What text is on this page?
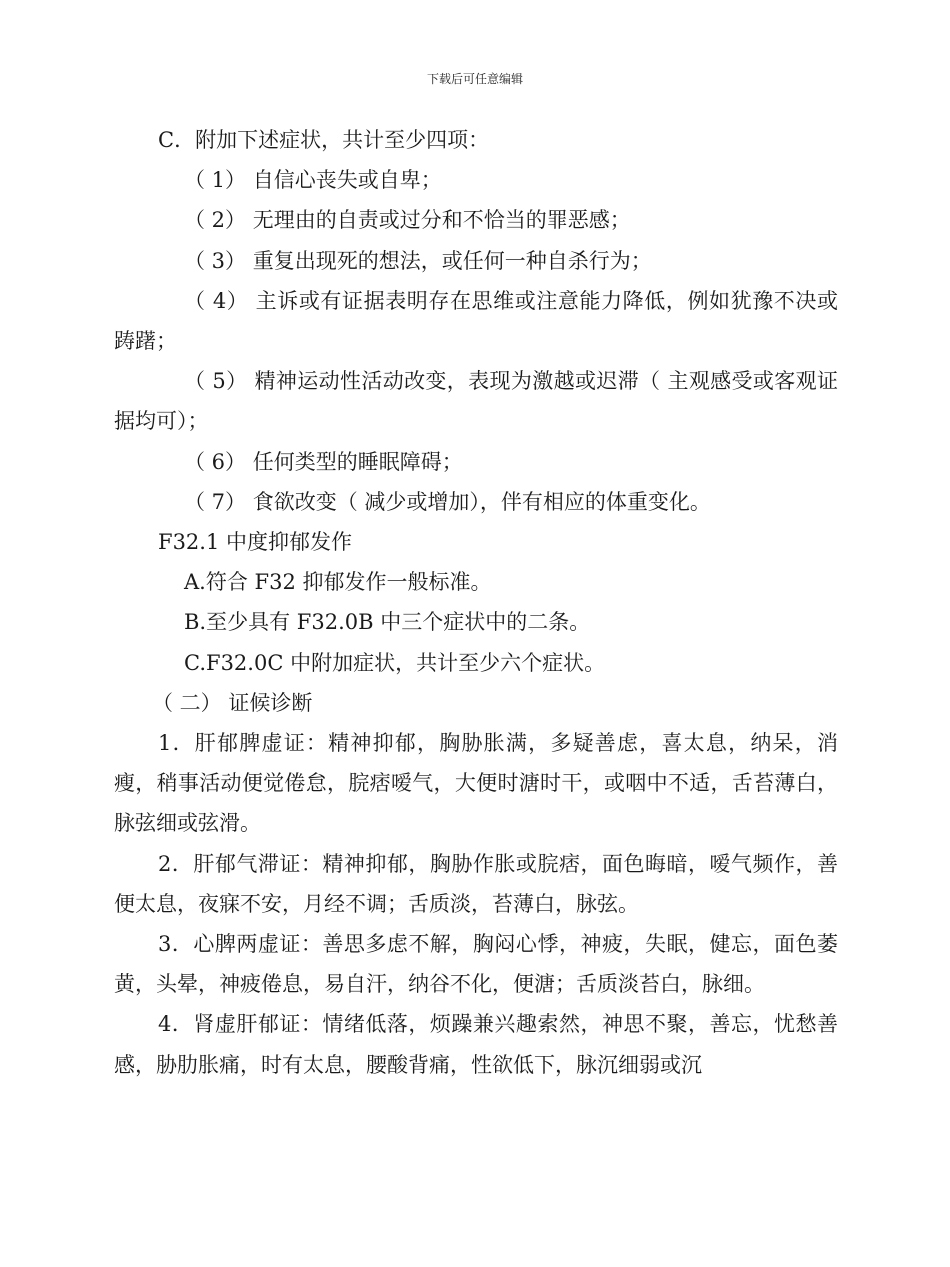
下载后可任意编辑

C．附加下述症状，共计至少四项：

（ 1） 自信心丧失或自卑；

（ 2） 无理由的自责或过分和不恰当的罪恶感；

（ 3） 重复出现死的想法，或任何一种自杀行为；

（ 4） 主诉或有证据表明存在思维或注意能力降低，例如犹豫不决或踌躇；

（ 5） 精神运动性活动改变，表现为激越或迟滞（ 主观感受或客观证据均可）；

（ 6） 任何类型的睡眠障碍；

（ 7） 食欲改变（ 减少或增加），伴有相应的体重变化。

F32.1 中度抑郁发作

A.符合 F32 抑郁发作一般标准。

B.至少具有 F32.0B 中三个症状中的二条。

C.F32.0C 中附加症状，共计至少六个症状。

（ 二） 证候诊断

1．肝郁脾虚证：精神抑郁，胸胁胀满，多疑善虑，喜太息，纳呆，消瘦，稍事活动便觉倦怠，脘痞嗳气，大便时溏时干，或咽中不适，舌苔薄白，脉弦细或弦滑。

2．肝郁气滞证：精神抑郁，胸胁作胀或脘痞，面色晦暗，嗳气频作，善便太息，夜寐不安，月经不调；舌质淡，苔薄白，脉弦。

3．心脾两虚证：善思多虑不解，胸闷心悸，神疲，失眠，健忘，面色萎黄，头晕，神疲倦息，易自汗，纳谷不化，便溏；舌质淡苔白，脉细。

4．肾虚肝郁证：情绪低落，烦躁兼兴趣索然，神思不聚，善忘，忧愁善感，胁肋胀痛，时有太息，腰酸背痛，性欲低下，脉沉细弱或沉
